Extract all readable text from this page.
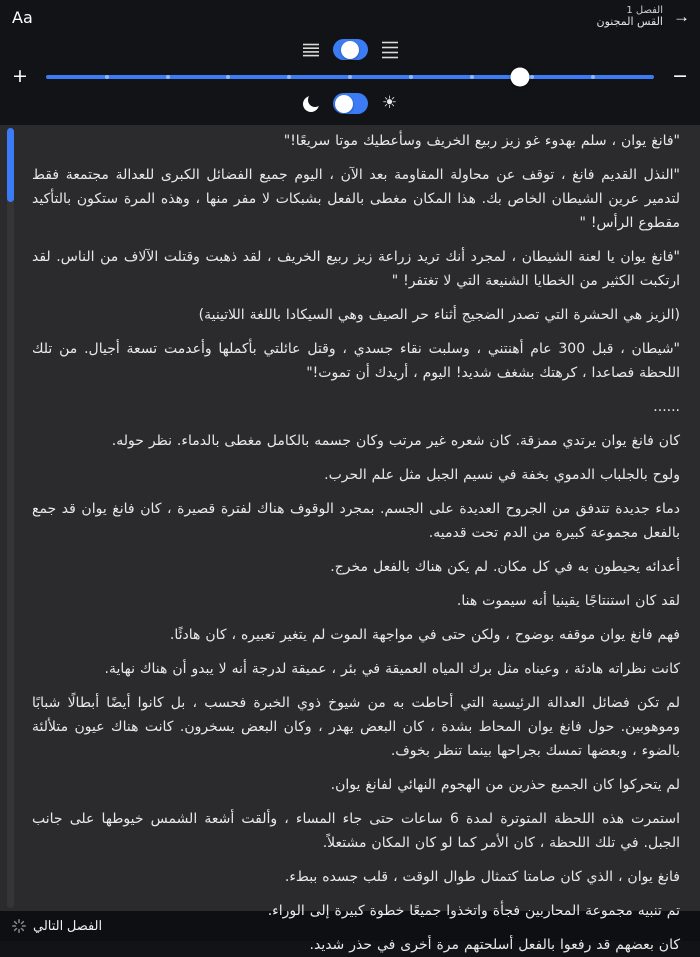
Aa	الفصل 1
القس المجنون →
+	−
☀

"فانغ يوان ، سلم بهدوء غو زيز ربيع الخريف وسأعطيك موتا سريعًا!"

"النذل القديم فانغ ، توقف عن محاولة المقاومة بعد الآن ، اليوم جميع الفضائل الكبرى للعدالة مجتمعة فقط لتدمير عرين الشيطان الخاص بك. هذا المكان مغطى بالفعل بشبكات لا مفر منها ، وهذه المرة ستكون بالتأكيد مقطوع الرأس! "

"فانغ يوان يا لعنة الشيطان ، لمجرد أنك تريد زراعة زيز ربيع الخريف ، لقد ذهبت وقتلت الآلاف من الناس. لقد ارتكبت الكثير من الخطايا الشنيعة التي لا تغتفر! "

(الزيز هي الحشرة التي تصدر الضجيج أثناء حر الصيف وهي السيكادا باللغة اللاتينية)

"شيطان ، قبل 300 عام أهنتني ، وسلبت نقاء جسدي ، وقتل عائلتي بأكملها وأعدمت تسعة أجيال. من تلك اللحظة فصاعدا ، كرهتك بشغف شديد! اليوم ، أريدك أن تموت!"

......

كان فانغ يوان يرتدي ممزقة. كان شعره غير مرتب وكان جسمه بالكامل مغطى بالدماء. نظر حوله.

ولوح بالجلباب الدموي بخفة في نسيم الجبل مثل علم الحرب.

دماء جديدة تتدفق من الجروح العديدة على الجسم. بمجرد الوقوف هناك لفترة قصيرة ، كان فانغ يوان قد جمع بالفعل مجموعة كبيرة من الدم تحت قدميه.

أعدائه يحيطون به في كل مكان. لم يكن هناك بالفعل مخرج.

لقد كان استنتاجًا يقينيا أنه سيموت هنا.

فهم فانغ يوان موقفه بوضوح ، ولكن حتى في مواجهة الموت لم يتغير تعبيره ، كان هادئًا.

كانت نظراته هادئة ، وعيناه مثل برك المياه العميقة في بئر ، عميقة لدرجة أنه لا يبدو أن هناك نهاية.

لم تكن فضائل العدالة الرئيسية التي أحاطت به من شيوخ ذوي الخبرة فحسب ، بل كانوا أيضًا أبطالًا شبابًا وموهوبين. حول فانغ يوان المحاط بشدة ، كان البعض يهدر ، وكان البعض يسخرون. كانت هناك عيون متلألئة بالضوء ، وبعضها تمسك بجراحها بينما تنظر بخوف.

لم يتحركوا كان الجميع حذرين من الهجوم النهائي لفانغ يوان.

استمرت هذه اللحظة المتوترة لمدة 6 ساعات حتى جاء المساء ، وألقت أشعة الشمس خيوطها على جانب الجبل. في تلك اللحظة ، كان الأمر كما لو كان المكان مشتعلاً.

فانغ يوان ، الذي كان صامتا كتمثال طوال الوقت ، قلب جسده ببطء.

تم تنبيه مجموعة المحاربين فجأة واتخذوا جميعًا خطوة كبيرة إلى الوراء.

كان بعضهم قد رفعوا بالفعل أسلحتهم مرة أخرى في حذر شديد.

الفصل التالي
